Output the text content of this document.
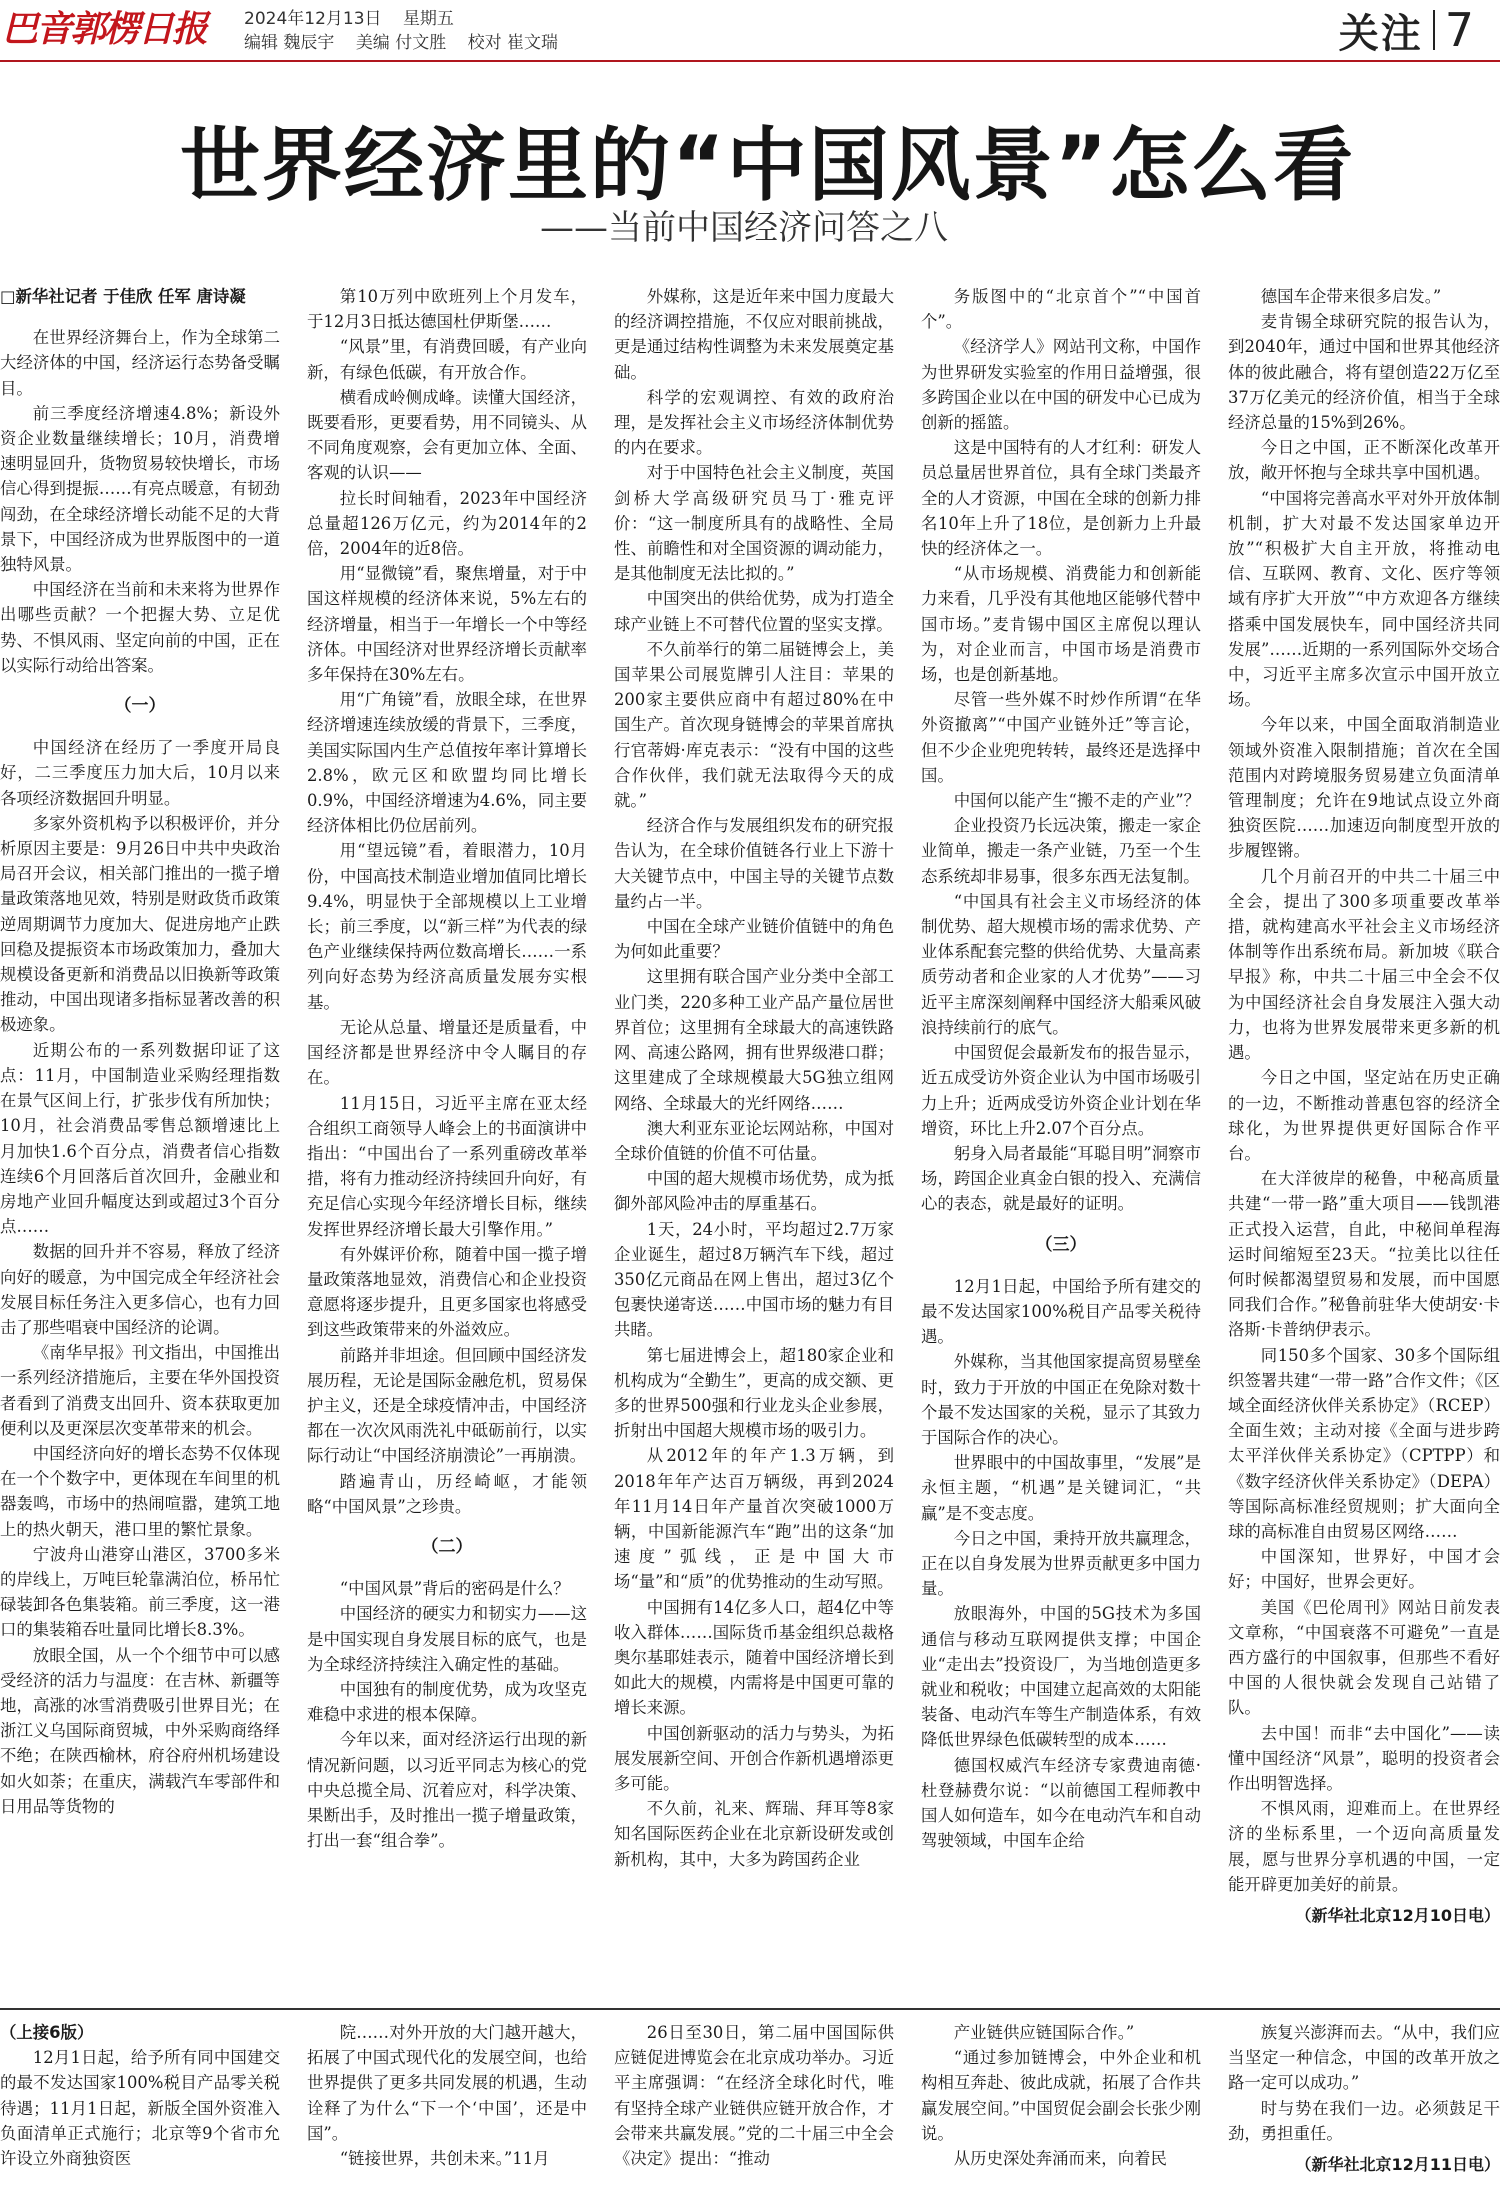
巴音郭楞日报 2024年12月13日 星期五
编辑 魏辰宇 美编 付文胜 校对 崔文瑞	关注 7
世界经济里的“中国风景”怎么看
——当前中国经济问答之八
□新华社记者 于佳欣 任军 唐诗凝

在世界经济舞台上，作为全球第二大经济体的中国，经济运行态势备受瞩目。

前三季度经济增速4.8%；新设外资企业数量继续增长；10月，消费增速明显回升，货物贸易较快增长，市场信心得到提振……有亮点暖意，有韧劲闯劲，在全球经济增长动能不足的大背景下，中国经济成为世界版图中的一道独特风景。

中国经济在当前和未来将为世界作出哪些贡献？一个把握大势、立足优势、不惧风雨、坚定向前的中国，正在以实际行动给出答案。

（一）

中国经济在经历了一季度开局良好，二三季度压力加大后，10月以来各项经济数据回升明显。

多家外资机构予以积极评价，并分析原因主要是：9月26日中共中央政治局召开会议，相关部门推出的一揽子增量政策落地见效，特别是财政货币政策逆周期调节力度加大、促进房地产止跌回稳及提振资本市场政策加力，叠加大规模设备更新和消费品以旧换新等政策推动，中国出现诸多指标显著改善的积极迹象。

近期公布的一系列数据印证了这点：11月，中国制造业采购经理指数在景气区间上行，扩张步伐有所加快；10月，社会消费品零售总额增速比上月加快1.6个百分点，消费者信心指数连续6个月回落后首次回升，金融业和房地产业回升幅度达到或超过3个百分点……

数据的回升并不容易，释放了经济向好的暖意，为中国完成全年经济社会发展目标任务注入更多信心，也有力回击了那些唱衰中国经济的论调。

《南华早报》刊文指出，中国推出一系列经济措施后，主要在华外国投资者看到了消费支出回升、资本获取更加便利以及更深层次变革带来的机会。

中国经济向好的增长态势不仅体现在一个个数字中，更体现在车间里的机器轰鸣，市场中的热闹喧嚣，建筑工地上的热火朝天，港口里的繁忙景象。

宁波舟山港穿山港区，3700多米的岸线上，万吨巨轮靠满泊位，桥吊忙碌装卸各色集装箱。前三季度，这一港口的集装箱吞吐量同比增长8.3%。

放眼全国，从一个个细节中可以感受经济的活力与温度：在吉林、新疆等地，高涨的冰雪消费吸引世界目光；在浙江义乌国际商贸城，中外采购商络绎不绝；在陕西榆林，府谷府州机场建设如火如荼；在重庆，满载汽车零部件和日用品等货物的

第10万列中欧班列上个月发车，于12月3日抵达德国杜伊斯堡……

“风景”里，有消费回暖，有产业向新，有绿色低碳，有开放合作。

横看成岭侧成峰。读懂大国经济，既要看形，更要看势，用不同镜头、从不同角度观察，会有更加立体、全面、客观的认识——

拉长时间轴看，2023年中国经济总量超126万亿元，约为2014年的2倍，2004年的近8倍。

用“显微镜”看，聚焦增量，对于中国这样规模的经济体来说，5%左右的经济增量，相当于一年增长一个中等经济体。中国经济对世界经济增长贡献率多年保持在30%左右。

用“广角镜”看，放眼全球，在世界经济增速连续放缓的背景下，三季度，美国实际国内生产总值按年率计算增长2.8%，欧元区和欧盟均同比增长0.9%，中国经济增速为4.6%，同主要经济体相比仍位居前列。

用“望远镜”看，着眼潜力，10月份，中国高技术制造业增加值同比增长9.4%，明显快于全部规模以上工业增长；前三季度，以“新三样”为代表的绿色产业继续保持两位数高增长……一系列向好态势为经济高质量发展夯实根基。

无论从总量、增量还是质量看，中国经济都是世界经济中令人瞩目的存在。

11月15日，习近平主席在亚太经合组织工商领导人峰会上的书面演讲中指出：“中国出台了一系列重磅改革举措，将有力推动经济持续回升向好，有充足信心实现今年经济增长目标，继续发挥世界经济增长最大引擎作用。”

有外媒评价称，随着中国一揽子增量政策落地显效，消费信心和企业投资意愿将逐步提升，且更多国家也将感受到这些政策带来的外溢效应。

前路并非坦途。但回顾中国经济发展历程，无论是国际金融危机，贸易保护主义，还是全球疫情冲击，中国经济都在一次次风雨洗礼中砥砺前行，以实际行动让“中国经济崩溃论”一再崩溃。

踏遍青山，历经崎岖，才能领略“中国风景”之珍贵。

（二）

“中国风景”背后的密码是什么？

中国经济的硬实力和韧实力——这是中国实现自身发展目标的底气，也是为全球经济持续注入确定性的基础。

中国独有的制度优势，成为攻坚克难稳中求进的根本保障。

今年以来，面对经济运行出现的新情况新问题，以习近平同志为核心的党中央总揽全局、沉着应对，科学决策、果断出手，及时推出一揽子增量政策，打出一套“组合拳”。

外媒称，这是近年来中国力度最大的经济调控措施，不仅应对眼前挑战，更是通过结构性调整为未来发展奠定基础。

科学的宏观调控、有效的政府治理，是发挥社会主义市场经济体制优势的内在要求。

对于中国特色社会主义制度，英国剑桥大学高级研究员马丁·雅克评价：“这一制度所具有的战略性、全局性、前瞻性和对全国资源的调动能力，是其他制度无法比拟的。”

中国突出的供给优势，成为打造全球产业链上不可替代位置的坚实支撑。

不久前举行的第二届链博会上，美国苹果公司展览牌引人注目：苹果的200家主要供应商中有超过80%在中国生产。首次现身链博会的苹果首席执行官蒂姆·库克表示：“没有中国的这些合作伙伴，我们就无法取得今天的成就。”

经济合作与发展组织发布的研究报告认为，在全球价值链各行业上下游十大关键节点中，中国主导的关键节点数量约占一半。

中国在全球产业链价值链中的角色为何如此重要？

这里拥有联合国产业分类中全部工业门类，220多种工业产品产量位居世界首位；这里拥有全球最大的高速铁路网、高速公路网，拥有世界级港口群；这里建成了全球规模最大5G独立组网网络、全球最大的光纤网络……

澳大利亚东亚论坛网站称，中国对全球价值链的价值不可估量。

中国的超大规模市场优势，成为抵御外部风险冲击的厚重基石。

1天，24小时，平均超过2.7万家企业诞生，超过8万辆汽车下线，超过350亿元商品在网上售出，超过3亿个包裹快递寄送……中国市场的魅力有目共睹。

第七届进博会上，超180家企业和机构成为“全勤生”，更高的成交额、更多的世界500强和行业龙头企业参展，折射出中国超大规模市场的吸引力。

从2012年的年产1.3万辆，到2018年年产达百万辆级，再到2024年11月14日年产量首次突破1000万辆，中国新能源汽车“跑”出的这条“加速度”弧线，正是中国大市场“量”和“质”的优势推动的生动写照。

中国拥有14亿多人口，超4亿中等收入群体……国际货币基金组织总裁格奥尔基耶娃表示，随着中国经济增长到如此大的规模，内需将是中国更可靠的增长来源。

中国创新驱动的活力与势头，为拓展发展新空间、开创合作新机遇增添更多可能。

不久前，礼来、辉瑞、拜耳等8家知名国际医药企业在北京新设研发或创新机构，其中，大多为跨国药企业

务版图中的“北京首个”“中国首个”。

《经济学人》网站刊文称，中国作为世界研发实验室的作用日益增强，很多跨国企业以在中国的研发中心已成为创新的摇篮。

这是中国特有的人才红利：研发人员总量居世界首位，具有全球门类最齐全的人才资源，中国在全球的创新力排名10年上升了18位，是创新力上升最快的经济体之一。

“从市场规模、消费能力和创新能力来看，几乎没有其他地区能够代替中国市场。”麦肯锡中国区主席倪以理认为，对企业而言，中国市场是消费市场，也是创新基地。

尽管一些外媒不时炒作所谓“在华外资撤离”“中国产业链外迁”等言论，但不少企业兜兜转转，最终还是选择中国。

中国何以能产生“搬不走的产业”？

企业投资乃长远决策，搬走一家企业简单，搬走一条产业链，乃至一个生态系统却非易事，很多东西无法复制。

“中国具有社会主义市场经济的体制优势、超大规模市场的需求优势、产业体系配套完整的供给优势、大量高素质劳动者和企业家的人才优势”——习近平主席深刻阐释中国经济大船乘风破浪持续前行的底气。

中国贸促会最新发布的报告显示，近五成受访外资企业认为中国市场吸引力上升；近两成受访外资企业计划在华增资，环比上升2.07个百分点。

躬身入局者最能“耳聪目明”洞察市场，跨国企业真金白银的投入、充满信心的表态，就是最好的证明。

（三）

12月1日起，中国给予所有建交的最不发达国家100%税目产品零关税待遇。

外媒称，当其他国家提高贸易壁垒时，致力于开放的中国正在免除对数十个最不发达国家的关税，显示了其致力于国际合作的决心。

世界眼中的中国故事里，“发展”是永恒主题，“机遇”是关键词汇，“共赢”是不变志度。

今日之中国，秉持开放共赢理念，正在以自身发展为世界贡献更多中国力量。

放眼海外，中国的5G技术为多国通信与移动互联网提供支撑；中国企业“走出去”投资设厂，为当地创造更多就业和税收；中国建立起高效的太阳能装备、电动汽车等生产制造体系，有效降低世界绿色低碳转型的成本……

德国权威汽车经济专家费迪南德·杜登赫费尔说：“以前德国工程师教中国人如何造车，如今在电动汽车和自动驾驶领域，中国车企给

德国车企带来很多启发。”

麦肯锡全球研究院的报告认为，到2040年，通过中国和世界其他经济体的彼此融合，将有望创造22万亿至37万亿美元的经济价值，相当于全球经济总量的15%到26%。

今日之中国，正不断深化改革开放，敞开怀抱与全球共享中国机遇。

“中国将完善高水平对外开放体制机制，扩大对最不发达国家单边开放”“积极扩大自主开放，将推动电信、互联网、教育、文化、医疗等领域有序扩大开放”“中方欢迎各方继续搭乘中国发展快车，同中国经济共同发展”……近期的一系列国际外交场合中，习近平主席多次宣示中国开放立场。

今年以来，中国全面取消制造业领域外资准入限制措施；首次在全国范围内对跨境服务贸易建立负面清单管理制度；允许在9地试点设立外商独资医院……加速迈向制度型开放的步履铿锵。

几个月前召开的中共二十届三中全会，提出了300多项重要改革举措，就构建高水平社会主义市场经济体制等作出系统布局。新加坡《联合早报》称，中共二十届三中全会不仅为中国经济社会自身发展注入强大动力，也将为世界发展带来更多新的机遇。

今日之中国，坚定站在历史正确的一边，不断推动普惠包容的经济全球化，为世界提供更好国际合作平台。

在大洋彼岸的秘鲁，中秘高质量共建“一带一路”重大项目——钱凯港正式投入运营，自此，中秘间单程海运时间缩短至23天。“拉美比以往任何时候都渴望贸易和发展，而中国愿同我们合作。”秘鲁前驻华大使胡安·卡洛斯·卡普纳伊表示。

同150多个国家、30多个国际组织签署共建“一带一路”合作文件；《区域全面经济伙伴关系协定》（RCEP）全面生效；主动对接《全面与进步跨太平洋伙伴关系协定》（CPTPP）和《数字经济伙伴关系协定》（DEPA）等国际高标准经贸规则；扩大面向全球的高标准自由贸易区网络……

中国深知，世界好，中国才会好；中国好，世界会更好。

美国《巴伦周刊》网站日前发表文章称，“中国衰落不可避免”一直是西方盛行的中国叙事，但那些不看好中国的人很快就会发现自己站错了队。

去中国！而非“去中国化”——读懂中国经济“风景”，聪明的投资者会作出明智选择。

不惧风雨，迎难而上。在世界经济的坐标系里，一个迈向高质量发展，愿与世界分享机遇的中国，一定能开辟更加美好的前景。

（新华社北京12月10日电）
（上接6版）

12月1日起，给予所有同中国建交的最不发达国家100%税目产品零关税待遇；11月1日起，新版全国外资准入负面清单正式施行；北京等9个省市允许设立外商独资医

院……对外开放的大门越开越大，拓展了中国式现代化的发展空间，也给世界提供了更多共同发展的机遇，生动诠释了为什么“下一个‘中国’，还是中国”。

“链接世界，共创未来。”11月

26日至30日，第二届中国国际供应链促进博览会在北京成功举办。习近平主席强调：“在经济全球化时代，唯有坚持全球产业链供应链开放合作，才会带来共赢发展。”党的二十届三中全会《决定》提出：“推动

产业链供应链国际合作。”

“通过参加链博会，中外企业和机构相互奔赴、彼此成就，拓展了合作共赢发展空间。”中国贸促会副会长张少刚说。

从历史深处奔涌而来，向着民

族复兴澎湃而去。“从中，我们应当坚定一种信念，中国的改革开放之路一定可以成功。”

时与势在我们一边。必须鼓足干劲，勇担重任。

（新华社北京12月11日电）
